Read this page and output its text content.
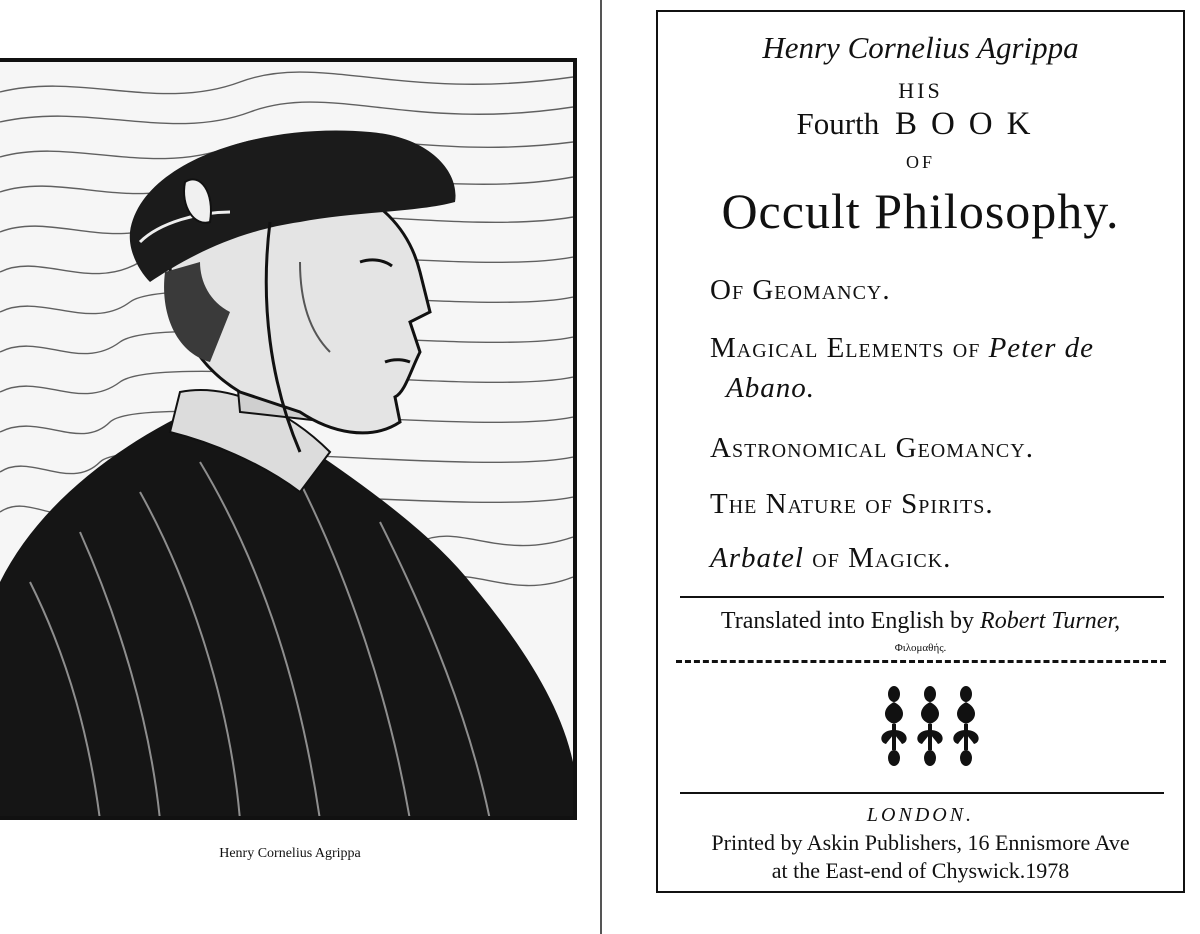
Henry Cornelius Agrippa
Henry Cornelius Agrippa
HIS
Fourth BOOK
OF
Occult Philosophy.
Of Geomancy.
Magical Elements of Peter de
Abano.
Astronomical Geomancy.
The Nature of Spirits.
Arbatel of Magick.
Translated into English by Robert Turner,
Φιλομαθής.
LONDON.
Printed by Askin Publishers, 16 Ennismore Ave
at the East-end of Chyswick.1978
